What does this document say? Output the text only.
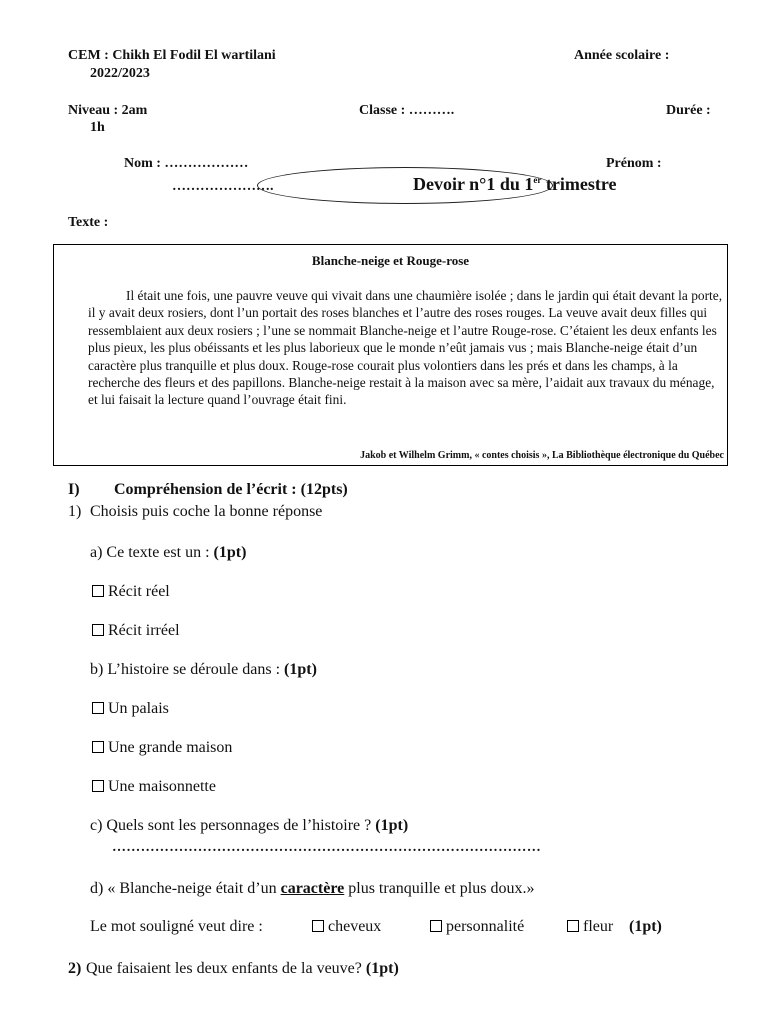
CEM : Chikh El Fodil El wartilani	Année scolaire :
2022/2023
Niveau : 2am	Classe : ……….	Durée :
1h
Nom : ………………	Prénom :
………………….	Devoir n°1 du 1er trimestre
Texte :
Blanche-neige et Rouge-rose
Il était une fois, une pauvre veuve qui vivait dans une chaumière isolée ; dans le jardin qui était devant la porte, il y avait deux rosiers, dont l’un portait des roses blanches et l’autre des roses rouges. La veuve avait deux filles qui ressemblaient aux deux rosiers ; l’une se nommait Blanche-neige et l’autre Rouge-rose. C’étaient les deux enfants les plus pieux, les plus obéissants et les plus laborieux que le monde n’eût jamais vus ; mais Blanche-neige était d’un caractère plus tranquille et plus doux. Rouge-rose courait plus volontiers dans les prés et dans les champs, à la recherche des fleurs et des papillons. Blanche-neige restait à la maison avec sa mère, l’aidait aux travaux du ménage, et lui faisait la lecture quand l’ouvrage était fini.
Jakob et Wilhelm Grimm, « contes choisis », La Bibliothèque électronique du Québec
I) Compréhension de l’écrit : (12pts)
1) Choisis puis coche la bonne réponse
a) Ce texte est un : (1pt)
Récit réel
Récit irréel
b) L’histoire se déroule dans : (1pt)
Un palais
Une grande maison
Une maisonnette
c) Quels sont les personnages de l’histoire ? (1pt)
………………………………………………………………………………
d) « Blanche-neige était d’un caractère plus tranquille et plus doux.»
Le mot souligné veut dire :	cheveux	personnalité	fleur (1pt)
2) Que faisaient les deux enfants de la veuve? (1pt)
